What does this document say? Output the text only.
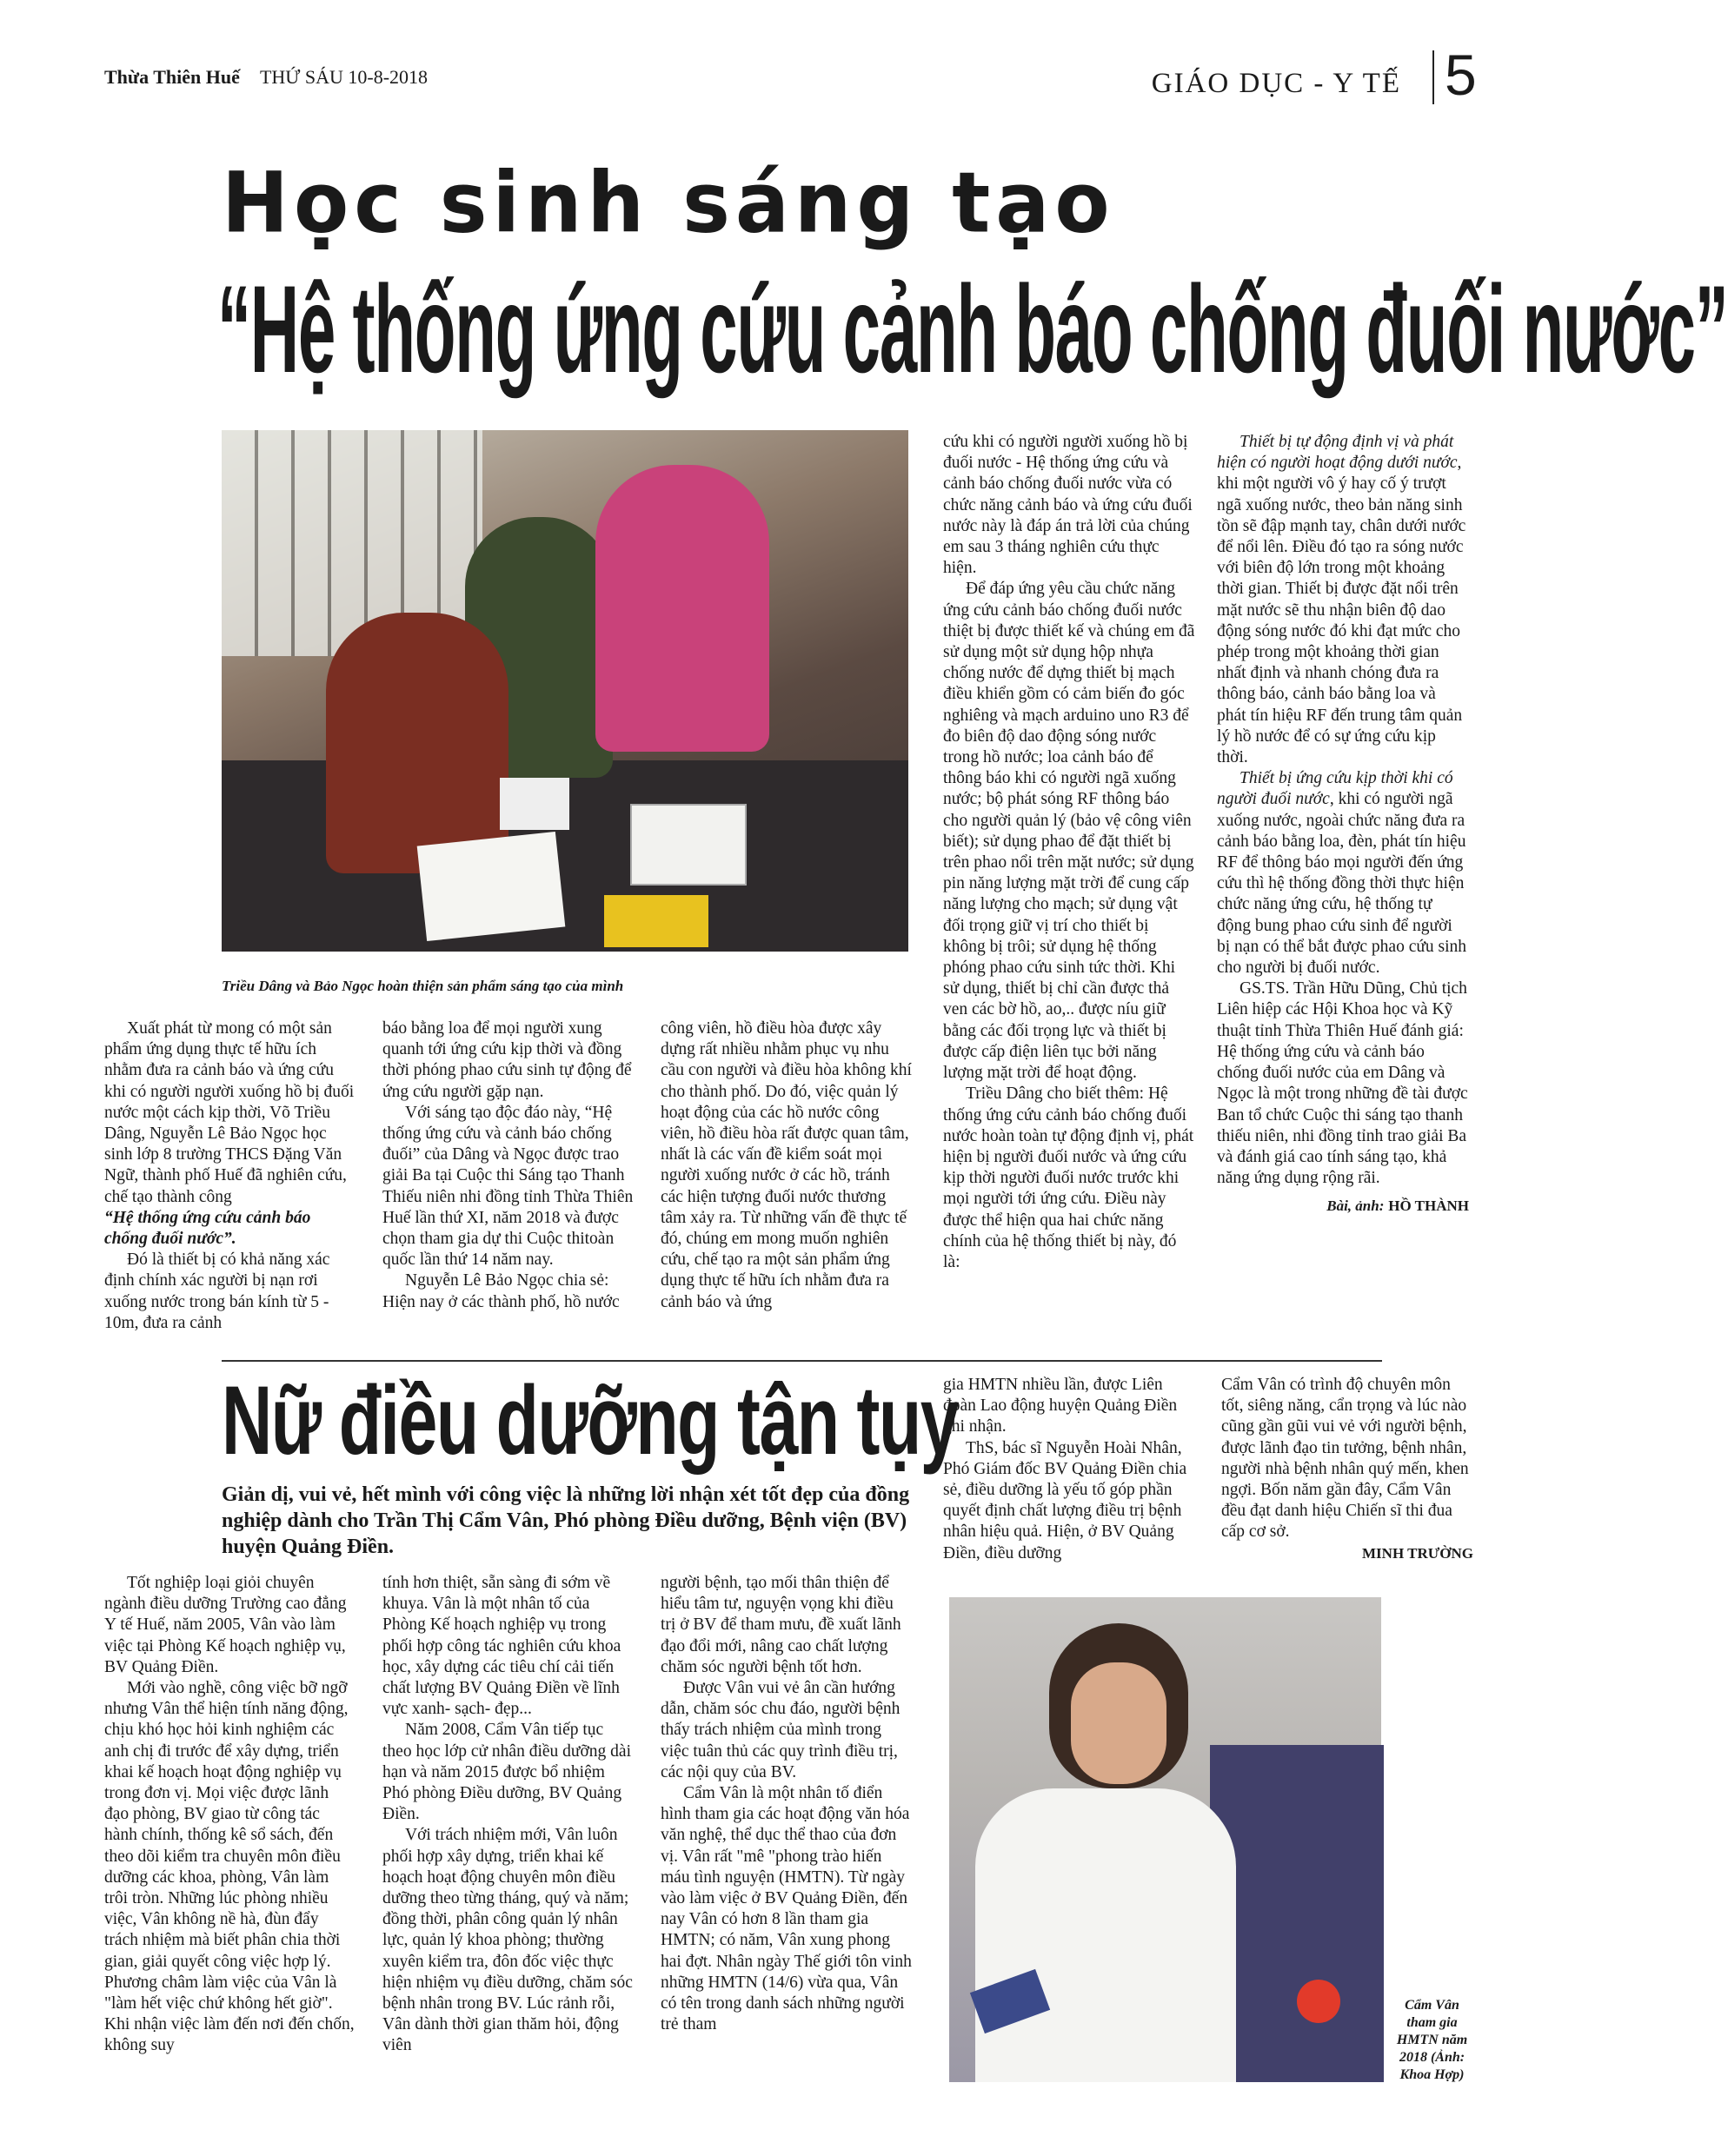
Thừa Thiên Huế THỨ SÁU 10-8-2018	GIÁO DỤC - Y TẾ 5
Học sinh sáng tạo
“Hệ thống ứng cứu cảnh báo chống đuối nước”
Triều Dâng và Bảo Ngọc hoàn thiện sản phẩm sáng tạo của mình

Xuất phát từ mong có một sản phẩm ứng dụng thực tế hữu ích nhằm đưa ra cảnh báo và ứng cứu khi có người người xuống hồ bị đuối nước một cách kịp thời, Võ Triều Dâng, Nguyễn Lê Bảo Ngọc học sinh lớp 8 trường THCS Đặng Văn Ngữ, thành phố Huế đã nghiên cứu, chế tạo thành công

“Hệ thống ứng cứu cảnh báo chống đuối nước”.

Đó là thiết bị có khả năng xác định chính xác người bị nạn rơi xuống nước trong bán kính từ 5 - 10m, đưa ra cảnh

báo bằng loa để mọi người xung quanh tới ứng cứu kịp thời và đồng thời phóng phao cứu sinh tự động để ứng cứu người gặp nạn.

Với sáng tạo độc đáo này, “Hệ thống ứng cứu và cảnh báo chống đuối” của Dâng và Ngọc được trao giải Ba tại Cuộc thi Sáng tạo Thanh Thiếu niên nhi đồng tỉnh Thừa Thiên Huế lần thứ XI, năm 2018 và được chọn tham gia dự thi Cuộc thitoàn quốc lần thứ 14 năm nay.

Nguyễn Lê Bảo Ngọc chia sẻ: Hiện nay ở các thành phố, hồ nước

công viên, hồ điều hòa được xây dựng rất nhiều nhằm phục vụ nhu cầu con người và điều hòa không khí cho thành phố. Do đó, việc quản lý hoạt động của các hồ nước công viên, hồ điều hòa rất được quan tâm, nhất là các vấn đề kiểm soát mọi người xuống nước ở các hồ, tránh các hiện tượng đuối nước thương tâm xảy ra. Từ những vấn đề thực tế đó, chúng em mong muốn nghiên cứu, chế tạo ra một sản phẩm ứng dụng thực tế hữu ích nhằm đưa ra cảnh báo và ứng

cứu khi có người người xuống hồ bị đuối nước - Hệ thống ứng cứu và cảnh báo chống đuối nước vừa có chức năng cảnh báo và ứng cứu đuối nước này là đáp án trả lời của chúng em sau 3 tháng nghiên cứu thực hiện.

Để đáp ứng yêu cầu chức năng ứng cứu cảnh báo chống đuối nước thiệt bị được thiết kế và chúng em đã sử dụng một sử dụng hộp nhựa chống nước để dựng thiết bị mạch điều khiển gồm có cảm biến đo góc nghiêng và mạch arduino uno R3 để đo biên độ dao động sóng nước trong hồ nước; loa cảnh báo để thông báo khi có người ngã xuống nước; bộ phát sóng RF thông báo cho người quản lý (bảo vệ công viên biết); sử dụng phao để đặt thiết bị trên phao nổi trên mặt nước; sử dụng pin năng lượng mặt trời để cung cấp năng lượng cho mạch; sử dụng vật đối trọng giữ vị trí cho thiết bị không bị trôi; sử dụng hệ thống phóng phao cứu sinh tức thời. Khi sử dụng, thiết bị chỉ cần được thả ven các bờ hồ, ao,.. được níu giữ bằng các đối trọng lực và thiết bị được cấp điện liên tục bởi năng lượng mặt trời để hoạt động.

Triều Dâng cho biết thêm: Hệ thống ứng cứu cảnh báo chống đuối nước hoàn toàn tự động định vị, phát hiện bị người đuối nước và ứng cứu kịp thời người đuối nước trước khi mọi người tới ứng cứu. Điều này được thể hiện qua hai chức năng chính của hệ thống thiết bị này, đó là:

Thiết bị tự động định vị và phát hiện có người hoạt động dưới nước, khi một người vô ý hay cố ý trượt ngã xuống nước, theo bản năng sinh tồn sẽ đập mạnh tay, chân dưới nước để nổi lên. Điều đó tạo ra sóng nước với biên độ lớn trong một khoảng thời gian. Thiết bị được đặt nổi trên mặt nước sẽ thu nhận biên độ dao động sóng nước đó khi đạt mức cho phép trong một khoảng thời gian nhất định và nhanh chóng đưa ra thông báo, cảnh báo bằng loa và phát tín hiệu RF đến trung tâm quản lý hồ nước để có sự ứng cứu kịp thời.

Thiết bị ứng cứu kịp thời khi có người đuối nước, khi có người ngã xuống nước, ngoài chức năng đưa ra cảnh báo bằng loa, đèn, phát tín hiệu RF để thông báo mọi người đến ứng cứu thì hệ thống đồng thời thực hiện chức năng ứng cứu, hệ thống tự động bung phao cứu sinh để người bị nạn có thể bắt được phao cứu sinh cho người bị đuối nước.

GS.TS. Trần Hữu Dũng, Chủ tịch Liên hiệp các Hội Khoa học và Kỹ thuật tỉnh Thừa Thiên Huế đánh giá: Hệ thống ứng cứu và cảnh báo chống đuối nước của em Dâng và Ngọc là một trong những đề tài được Ban tổ chức Cuộc thi sáng tạo thanh thiếu niên, nhi đồng tỉnh trao giải Ba và đánh giá cao tính sáng tạo, khả năng ứng dụng rộng rãi.

Bài, ảnh: HỒ THÀNH
Nữ điều dưỡng tận tụy
Giản dị, vui vẻ, hết mình với công việc là những lời nhận xét tốt đẹp của đồng nghiệp dành cho Trần Thị Cẩm Vân, Phó phòng Điều dưỡng, Bệnh viện (BV) huyện Quảng Điền.

Tốt nghiệp loại giỏi chuyên ngành điều dưỡng Trường cao đẳng Y tế Huế, năm 2005, Vân vào làm việc tại Phòng Kế hoạch nghiệp vụ, BV Quảng Điền.

Mới vào nghề, công việc bỡ ngỡ nhưng Vân thể hiện tính năng động, chịu khó học hỏi kinh nghiệm các anh chị đi trước để xây dựng, triển khai kế hoạch hoạt động nghiệp vụ trong đơn vị. Mọi việc được lãnh đạo phòng, BV giao từ công tác hành chính, thống kê sổ sách, đến theo dõi kiểm tra chuyên môn điều dưỡng các khoa, phòng, Vân làm trôi tròn. Những lúc phòng nhiều việc, Vân không nề hà, đùn đẩy trách nhiệm mà biết phân chia thời gian, giải quyết công việc hợp lý. Phương châm làm việc của Vân là "làm hết việc chứ không hết giờ". Khi nhận việc làm đến nơi đến chốn, không suy

tính hơn thiệt, sẵn sàng đi sớm về khuya. Vân là một nhân tố của Phòng Kế hoạch nghiệp vụ trong phối hợp công tác nghiên cứu khoa học, xây dựng các tiêu chí cải tiến chất lượng BV Quảng Điền về lĩnh vực xanh- sạch- đẹp...

Năm 2008, Cẩm Vân tiếp tục theo học lớp cử nhân điều dưỡng dài hạn và năm 2015 được bổ nhiệm Phó phòng Điều dưỡng, BV Quảng Điền.

Với trách nhiệm mới, Vân luôn phối hợp xây dựng, triển khai kế hoạch hoạt động chuyên môn điều dưỡng theo từng tháng, quý và năm; đồng thời, phân công quản lý nhân lực, quản lý khoa phòng; thường xuyên kiểm tra, đôn đốc việc thực hiện nhiệm vụ điều dưỡng, chăm sóc bệnh nhân trong BV. Lúc rảnh rỗi, Vân dành thời gian thăm hỏi, động viên

người bệnh, tạo mối thân thiện để hiểu tâm tư, nguyện vọng khi điều trị ở BV để tham mưu, đề xuất lãnh đạo đổi mới, nâng cao chất lượng chăm sóc người bệnh tốt hơn.

Được Vân vui vẻ ân cần hướng dẫn, chăm sóc chu đáo, người bệnh thấy trách nhiệm của mình trong việc tuân thủ các quy trình điều trị, các nội quy của BV.

Cẩm Vân là một nhân tố điển hình tham gia các hoạt động văn hóa văn nghệ, thể dục thể thao của đơn vị. Vân rất "mê "phong trào hiến máu tình nguyện (HMTN). Từ ngày vào làm việc ở BV Quảng Điền, đến nay Vân có hơn 8 lần tham gia HMTN; có năm, Vân xung phong hai đợt. Nhân ngày Thế giới tôn vinh những HMTN (14/6) vừa qua, Vân có tên trong danh sách những người trẻ tham

gia HMTN nhiều lần, được Liên đoàn Lao động huyện Quảng Điền ghi nhận.

ThS, bác sĩ Nguyễn Hoài Nhân, Phó Giám đốc BV Quảng Điền chia sẻ, điều dưỡng là yếu tố góp phần quyết định chất lượng điều trị bệnh nhân hiệu quả. Hiện, ở BV Quảng Điền, điều dưỡng

Cẩm Vân có trình độ chuyên môn tốt, siêng năng, cẩn trọng và lúc nào cũng gần gũi vui vẻ với người bệnh, được lãnh đạo tin tưởng, bệnh nhân, người nhà bệnh nhân quý mến, khen ngợi. Bốn năm gần đây, Cẩm Vân đều đạt danh hiệu Chiến sĩ thi đua cấp cơ sở.

MINH TRƯỜNG
Cẩm Vân tham gia HMTN năm 2018 (Ảnh: Khoa Hợp)
